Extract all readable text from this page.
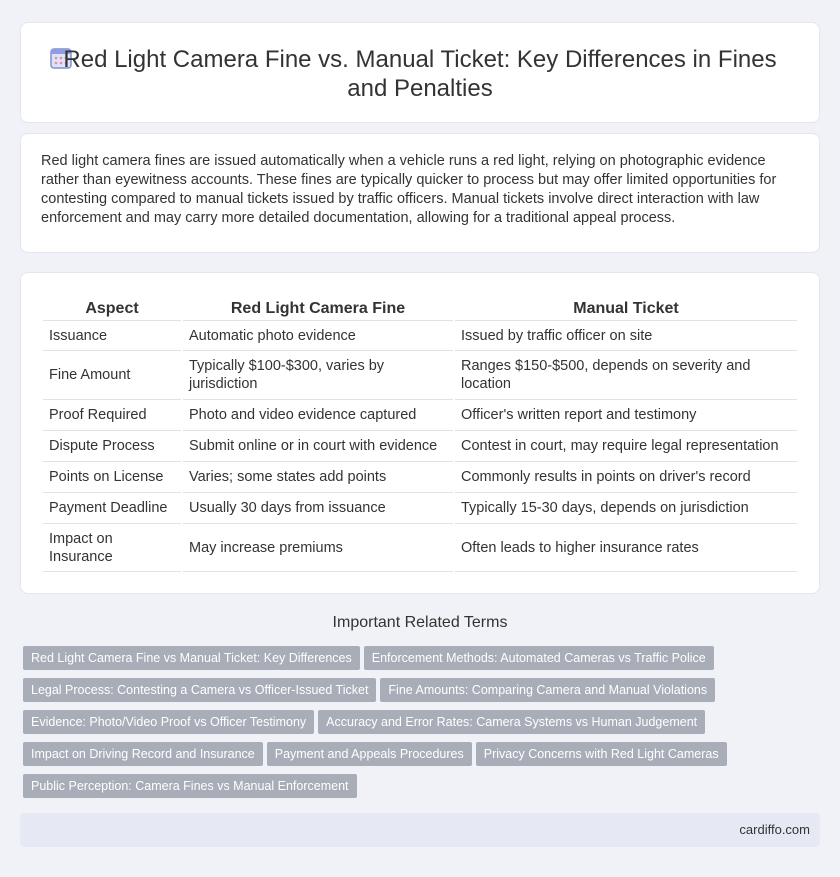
Red Light Camera Fine vs. Manual Ticket: Key Differences in Fines and Penalties

Red light camera fines are issued automatically when a vehicle runs a red light, relying on photographic evidence rather than eyewitness accounts. These fines are typically quicker to process but may offer limited opportunities for contesting compared to manual tickets issued by traffic officers. Manual tickets involve direct interaction with law enforcement and may carry more detailed documentation, allowing for a traditional appeal process.

Aspect	Red Light Camera Fine	Manual Ticket
Issuance	Automatic photo evidence	Issued by traffic officer on site
Fine Amount	Typically $100-$300, varies by jurisdiction	Ranges $150-$500, depends on severity and location
Proof Required	Photo and video evidence captured	Officer's written report and testimony
Dispute Process	Submit online or in court with evidence	Contest in court, may require legal representation
Points on License	Varies; some states add points	Commonly results in points on driver's record
Payment Deadline	Usually 30 days from issuance	Typically 15-30 days, depends on jurisdiction
Impact on Insurance	May increase premiums	Often leads to higher insurance rates
Important Related Terms
Red Light Camera Fine vs Manual Ticket: Key Differences Enforcement Methods: Automated Cameras vs Traffic Police
Legal Process: Contesting a Camera vs Officer-Issued Ticket Fine Amounts: Comparing Camera and Manual Violations
Evidence: Photo/Video Proof vs Officer Testimony Accuracy and Error Rates: Camera Systems vs Human Judgement
Impact on Driving Record and Insurance Payment and Appeals Procedures Privacy Concerns with Red Light Cameras
Public Perception: Camera Fines vs Manual Enforcement
cardiffo.com
